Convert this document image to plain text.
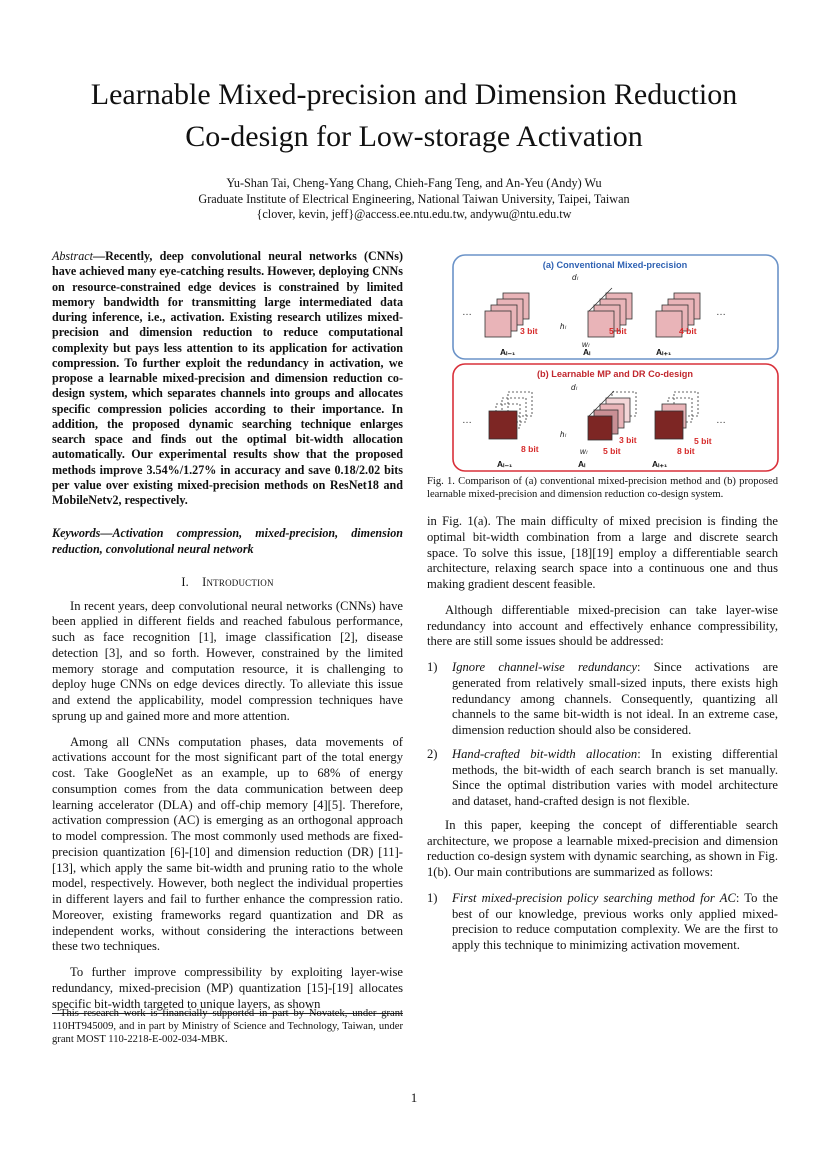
Learnable Mixed-precision and Dimension Reduction
Co-design for Low-storage Activation
Yu-Shan Tai, Cheng-Yang Chang, Chieh-Fang Teng, and An-Yeu (Andy) Wu
Graduate Institute of Electrical Engineering, National Taiwan University, Taipei, Taiwan
{clover, kevin, jeff}@access.ee.ntu.edu.tw, andywu@ntu.edu.tw

Abstract—Recently, deep convolutional neural networks (CNNs) have achieved many eye-catching results. However, deploying CNNs on resource-constrained edge devices is constrained by limited memory bandwidth for transmitting large intermediated data during inference, i.e., activation. Existing research utilizes mixed-precision and dimension reduction to reduce computational complexity but pays less attention to its application for activation compression. To further exploit the redundancy in activation, we propose a learnable mixed-precision and dimension reduction co-design system, which separates channels into groups and allocates specific compression policies according to their importance. In addition, the proposed dynamic searching technique enlarges search space and finds out the optimal bit-width allocation automatically. Our experimental results show that the proposed methods improve 3.54%/1.27% in accuracy and save 0.18/2.02 bits per value over existing mixed-precision methods on ResNet18 and MobileNetv2, respectively.

Keywords—Activation compression, mixed-precision, dimension reduction, convolutional neural network

I. Introduction

In recent years, deep convolutional neural networks (CNNs) have been applied in different fields and reached fabulous performance, such as face recognition [1], image classification [2], disease detection [3], and so forth. However, constrained by the limited memory storage and computation resource, it is challenging to deploy huge CNNs on edge devices directly. To alleviate this issue and extend the applicability, model compression techniques have sprung up and gained more and more attention.

Among all CNNs computation phases, data movements of activations account for the most significant part of the total energy cost. Take GoogleNet as an example, up to 68% of energy consumption comes from the data communication between deep learning accelerator (DLA) and off-chip memory [4][5]. Therefore, activation compression (AC) is emerging as an orthogonal approach to model compression. The most commonly used methods are fixed-precision quantization [6]-[10] and dimension reduction (DR) [11]-[13], which apply the same bit-width and pruning ratio to the whole model, respectively. However, both neglect the individual properties in different layers and fail to further enhance the compression ratio. Moreover, existing frameworks regard quantization and DR as independent works, without considering the interactions between these two techniques.

To further improve compressibility by exploiting layer-wise redundancy, mixed-precision (MP) quantization [15]-[19] allocates specific bit-width targeted to unique layers, as shown

This research work is financially supported in part by Novatek, under grant 110HT945009, and in part by Ministry of Science and Technology, Taiwan, under grant MOST 110-2218-E-002-034-MBK.
(a) Conventional Mixed-precision
3 bit	5 bit	4 bit
dₗ
hₗ
wₗ
…	…
Aₗ₋₁	Aₗ	Aₗ₊₁
(b) Learnable MP and DR Co-design
8 bit
3 bit
5 bit
dₗ
hₗ
wₗ
5 bit
8 bit
…	…
Aₗ₋₁	Aₗ	Aₗ₊₁
Fig. 1. Comparison of (a) conventional mixed-precision method and (b) proposed learnable mixed-precision and dimension reduction co-design system.

in Fig. 1(a). The main difficulty of mixed precision is finding the optimal bit-width combination from a large and discrete search space. To solve this issue, [18][19] employ a differentiable search architecture, relaxing search space into a continuous one and thus making gradient descent feasible.

Although differentiable mixed-precision can take layer-wise redundancy into account and effectively enhance compressibility, there are still some issues should be addressed:

1)	Ignore channel-wise redundancy: Since activations are generated from relatively small-sized inputs, there exists high redundancy among channels. Consequently, quantizing all channels to the same bit-width is not ideal. In an extreme case, dimension reduction should also be considered.
2)	Hand-crafted bit-width allocation: In existing differential methods, the bit-width of each search branch is set manually. Since the optimal distribution varies with model architecture and dataset, hand-crafted design is not flexible.

In this paper, keeping the concept of differentiable search architecture, we propose a learnable mixed-precision and dimension reduction co-design system with dynamic searching, as shown in Fig. 1(b). Our main contributions are summarized as follows:

1)	First mixed-precision policy searching method for AC: To the best of our knowledge, previous works only applied mixed-precision to reduce computation complexity. We are the first to apply this technique to minimizing activation movement.
1
